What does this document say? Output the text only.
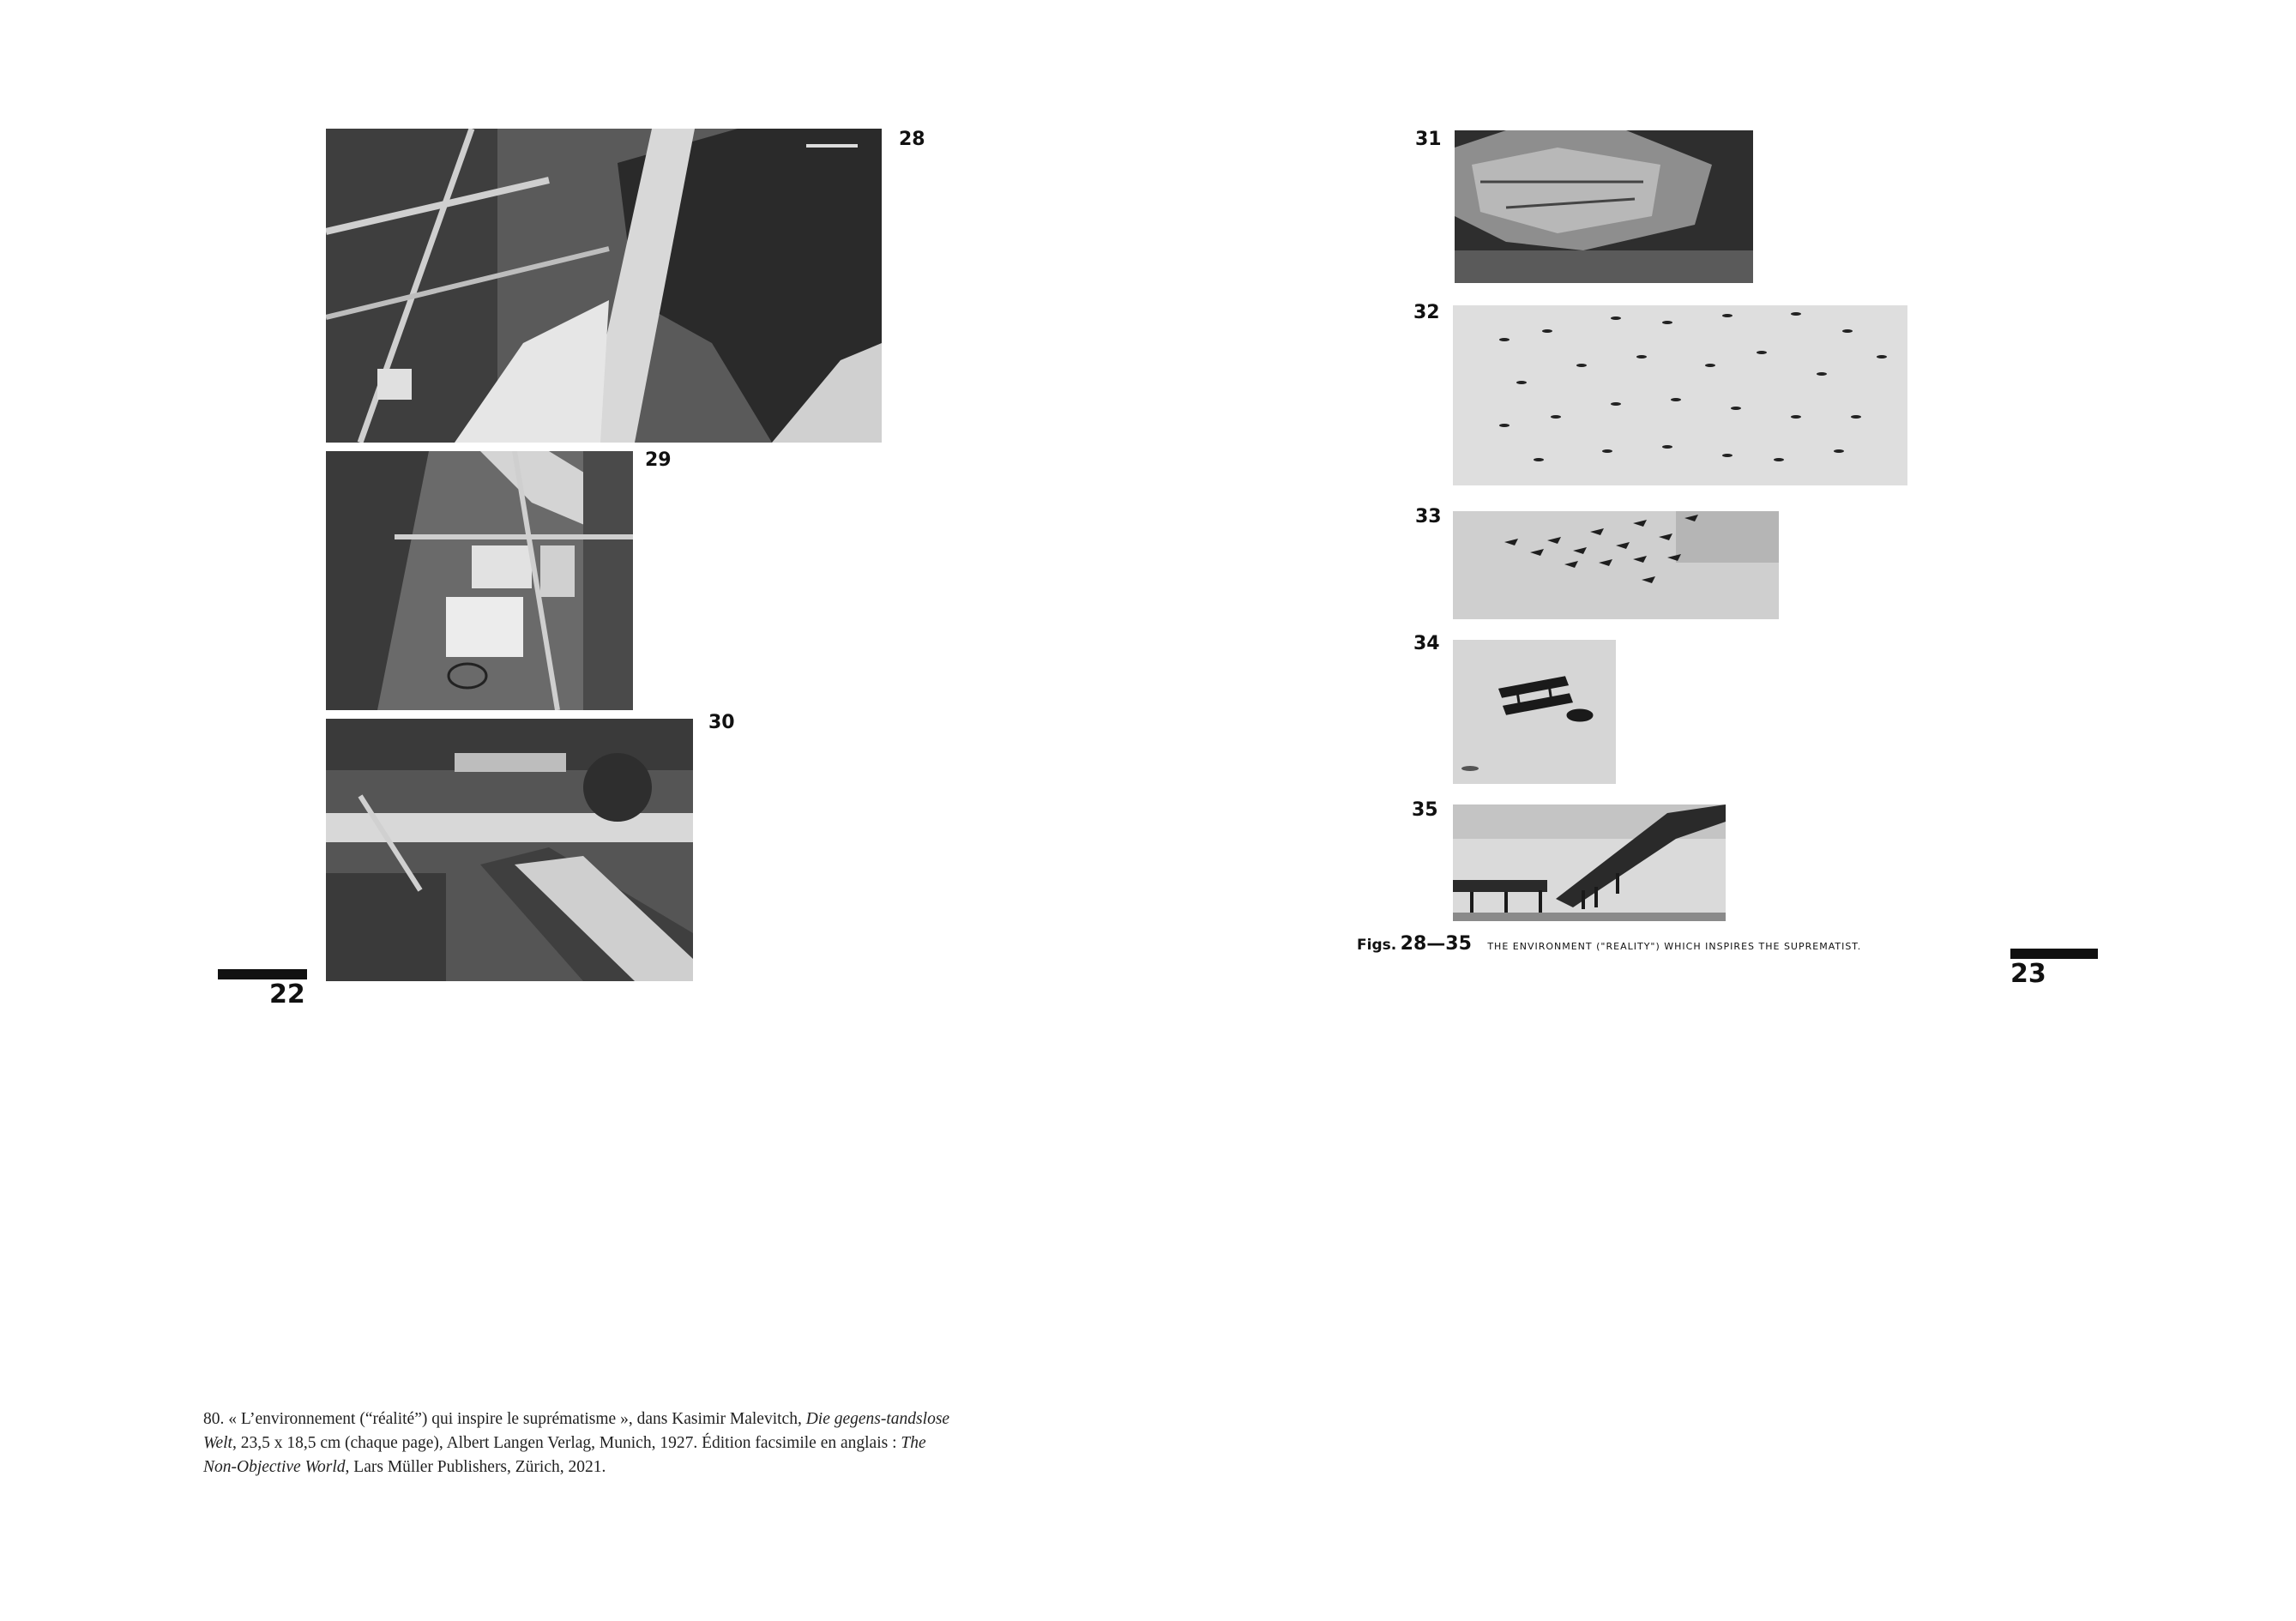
28
29
30
22
80. « L’environnement (“réalité”) qui inspire le suprématisme », dans Kasimir Malevitch, Die gegens-tandslose Welt, 23,5 x 18,5 cm (chaque page), Albert Langen Verlag, Munich, 1927. Édition facsimile en anglais : The Non-Objective World, Lars Müller Publishers, Zürich, 2021.
31
32
33
34
35
Figs. 28—35 THE ENVIRONMENT ("REALITY") WHICH INSPIRES THE SUPREMATIST.
23
